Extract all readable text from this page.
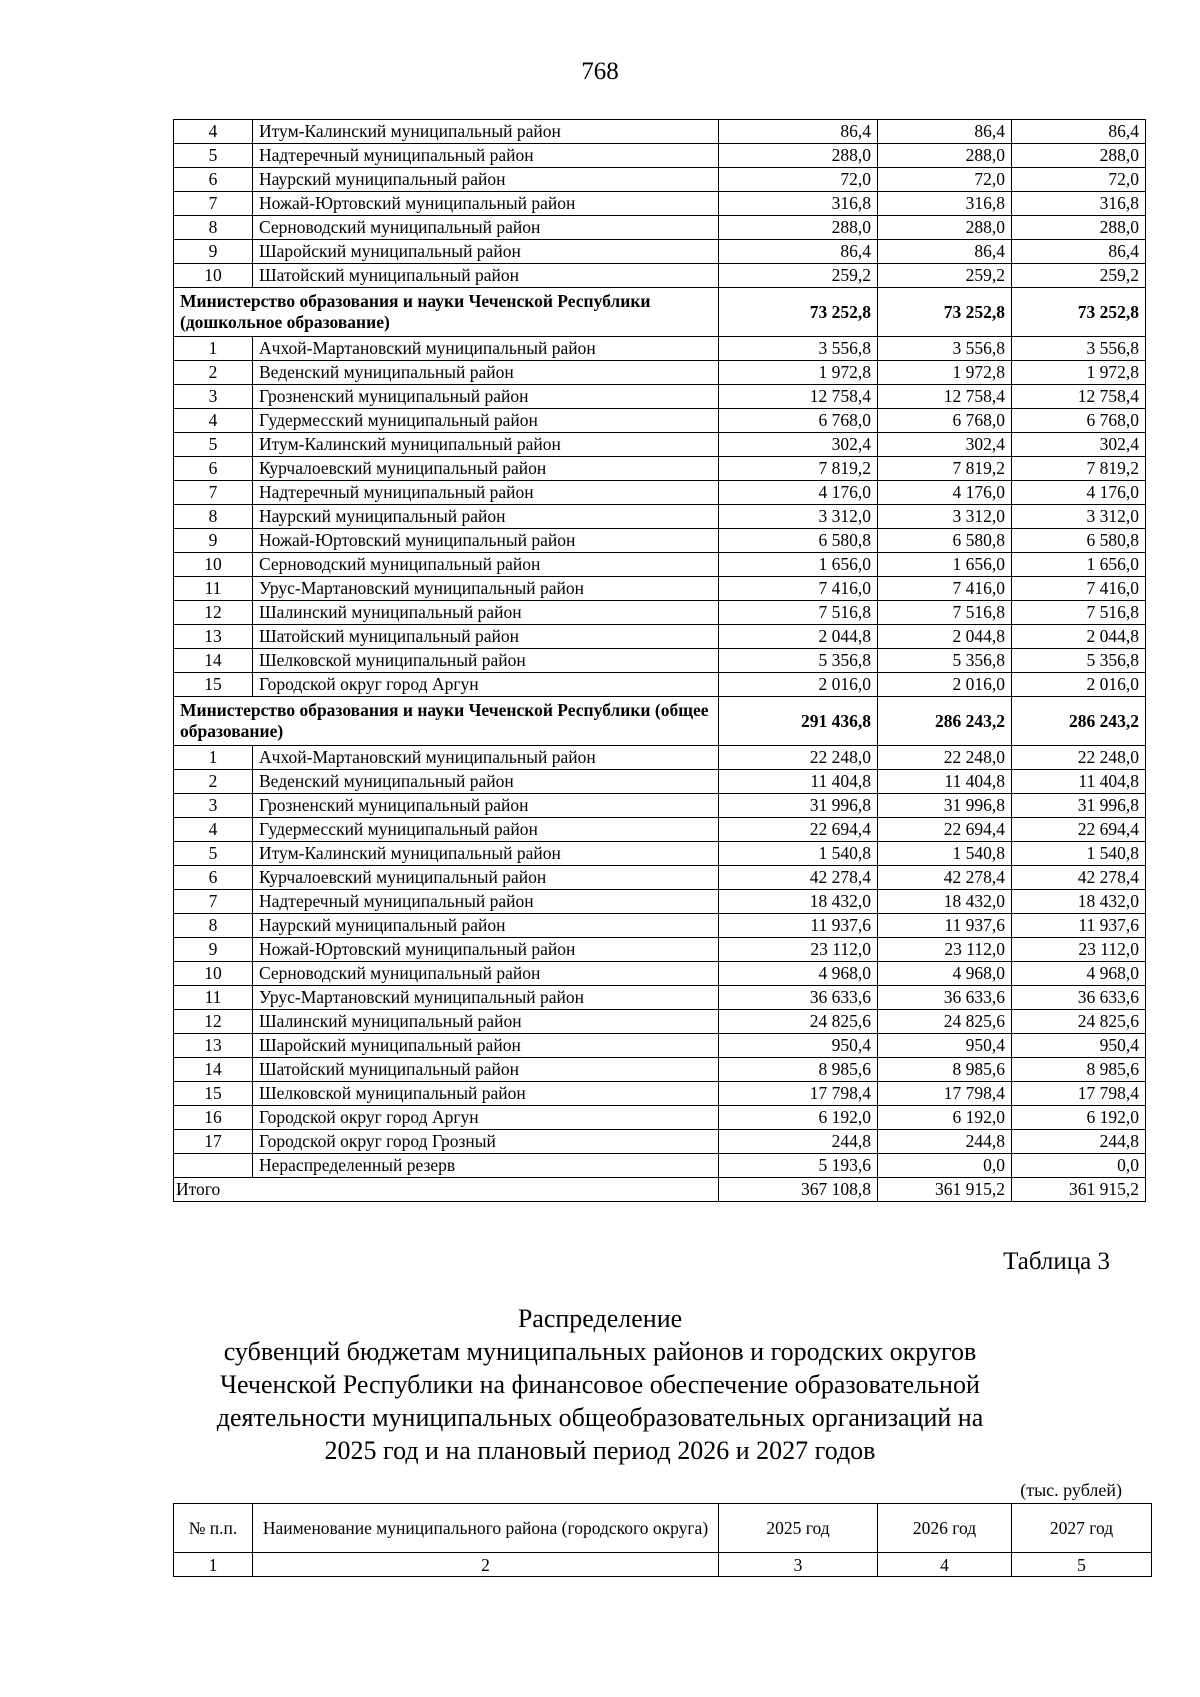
768
4	Итум-Калинский муниципальный район	86,4	86,4	86,4
5	Надтеречный муниципальный район	288,0	288,0	288,0
6	Наурский муниципальный район	72,0	72,0	72,0
7	Ножай-Юртовский муниципальный район	316,8	316,8	316,8
8	Серноводский муниципальный район	288,0	288,0	288,0
9	Шаройский муниципальный район	86,4	86,4	86,4
10	Шатойский муниципальный район	259,2	259,2	259,2
Министерство образования и науки Чеченской Республики (дошкольное образование)		73 252,8	73 252,8	73 252,8
1	Ачхой-Мартановский муниципальный район	3 556,8	3 556,8	3 556,8
2	Веденский муниципальный район	1 972,8	1 972,8	1 972,8
3	Грозненский муниципальный район	12 758,4	12 758,4	12 758,4
4	Гудермесский муниципальный район	6 768,0	6 768,0	6 768,0
5	Итум-Калинский муниципальный район	302,4	302,4	302,4
6	Курчалоевский муниципальный район	7 819,2	7 819,2	7 819,2
7	Надтеречный муниципальный район	4 176,0	4 176,0	4 176,0
8	Наурский муниципальный район	3 312,0	3 312,0	3 312,0
9	Ножай-Юртовский муниципальный район	6 580,8	6 580,8	6 580,8
10	Серноводский муниципальный район	1 656,0	1 656,0	1 656,0
11	Урус-Мартановский муниципальный район	7 416,0	7 416,0	7 416,0
12	Шалинский муниципальный район	7 516,8	7 516,8	7 516,8
13	Шатойский муниципальный район	2 044,8	2 044,8	2 044,8
14	Шелковской муниципальный район	5 356,8	5 356,8	5 356,8
15	Городской округ город Аргун	2 016,0	2 016,0	2 016,0
Министерство образования и науки Чеченской Республики (общее образование)		291 436,8	286 243,2	286 243,2
1	Ачхой-Мартановский муниципальный район	22 248,0	22 248,0	22 248,0
2	Веденский муниципальный район	11 404,8	11 404,8	11 404,8
3	Грозненский муниципальный район	31 996,8	31 996,8	31 996,8
4	Гудермесский муниципальный район	22 694,4	22 694,4	22 694,4
5	Итум-Калинский муниципальный район	1 540,8	1 540,8	1 540,8
6	Курчалоевский муниципальный район	42 278,4	42 278,4	42 278,4
7	Надтеречный муниципальный район	18 432,0	18 432,0	18 432,0
8	Наурский муниципальный район	11 937,6	11 937,6	11 937,6
9	Ножай-Юртовский муниципальный район	23 112,0	23 112,0	23 112,0
10	Серноводский муниципальный район	4 968,0	4 968,0	4 968,0
11	Урус-Мартановский муниципальный район	36 633,6	36 633,6	36 633,6
12	Шалинский муниципальный район	24 825,6	24 825,6	24 825,6
13	Шаройский муниципальный район	950,4	950,4	950,4
14	Шатойский муниципальный район	8 985,6	8 985,6	8 985,6
15	Шелковской муниципальный район	17 798,4	17 798,4	17 798,4
16	Городской округ город Аргун	6 192,0	6 192,0	6 192,0
17	Городской округ город Грозный	244,8	244,8	244,8
	Нераспределенный резерв	5 193,6	0,0	0,0
Итого		367 108,8	361 915,2	361 915,2
Таблица 3
Распределение
субвенций бюджетам муниципальных районов и городских округов
Чеченской Республики на финансовое обеспечение образовательной
деятельности муниципальных общеобразовательных организаций на
2025 год и на плановый период 2026 и 2027 годов
(тыс. рублей)
№ п.п.	Наименование муниципального района (городского округа)	2025 год	2026 год	2027 год
1	2	3	4	5
